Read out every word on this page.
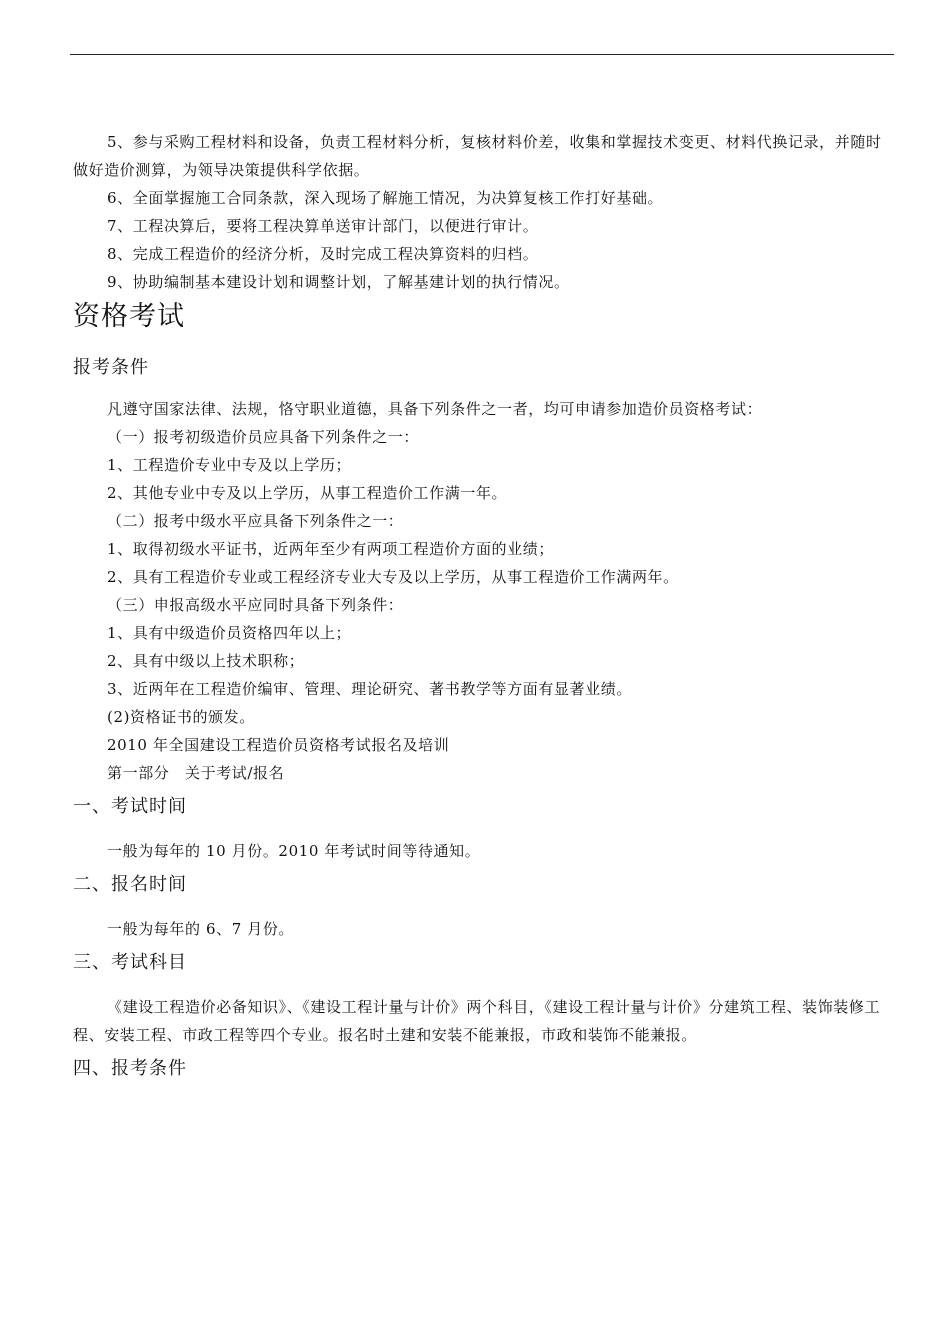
5、参与采购工程材料和设备，负责工程材料分析，复核材料价差，收集和掌握技术变更、材料代换记录，并随时做好造价测算，为领导决策提供科学依据。

6、全面掌握施工合同条款，深入现场了解施工情况，为决算复核工作打好基础。

7、工程决算后，要将工程决算单送审计部门，以便进行审计。

8、完成工程造价的经济分析，及时完成工程决算资料的归档。

9、协助编制基本建设计划和调整计划，了解基建计划的执行情况。

资格考试
报考条件

凡遵守国家法律、法规，恪守职业道德，具备下列条件之一者，均可申请参加造价员资格考试：

（一）报考初级造价员应具备下列条件之一：

1、工程造价专业中专及以上学历；

2、其他专业中专及以上学历，从事工程造价工作满一年。

（二）报考中级水平应具备下列条件之一：

1、取得初级水平证书，近两年至少有两项工程造价方面的业绩；

2、具有工程造价专业或工程经济专业大专及以上学历，从事工程造价工作满两年。

（三）申报高级水平应同时具备下列条件：

1、具有中级造价员资格四年以上；

2、具有中级以上技术职称；

3、近两年在工程造价编审、管理、理论研究、著书教学等方面有显著业绩。

(2)资格证书的颁发。

2010 年全国建设工程造价员资格考试报名及培训

第一部分　关于考试/报名

一、考试时间

一般为每年的 10 月份。2010 年考试时间等待通知。

二、报名时间

一般为每年的 6、7 月份。

三、考试科目

《建设工程造价必备知识》、《建设工程计量与计价》两个科目，《建设工程计量与计价》分建筑工程、装饰装修工程、安装工程、市政工程等四个专业。报名时土建和安装不能兼报，市政和装饰不能兼报。

四、报考条件
